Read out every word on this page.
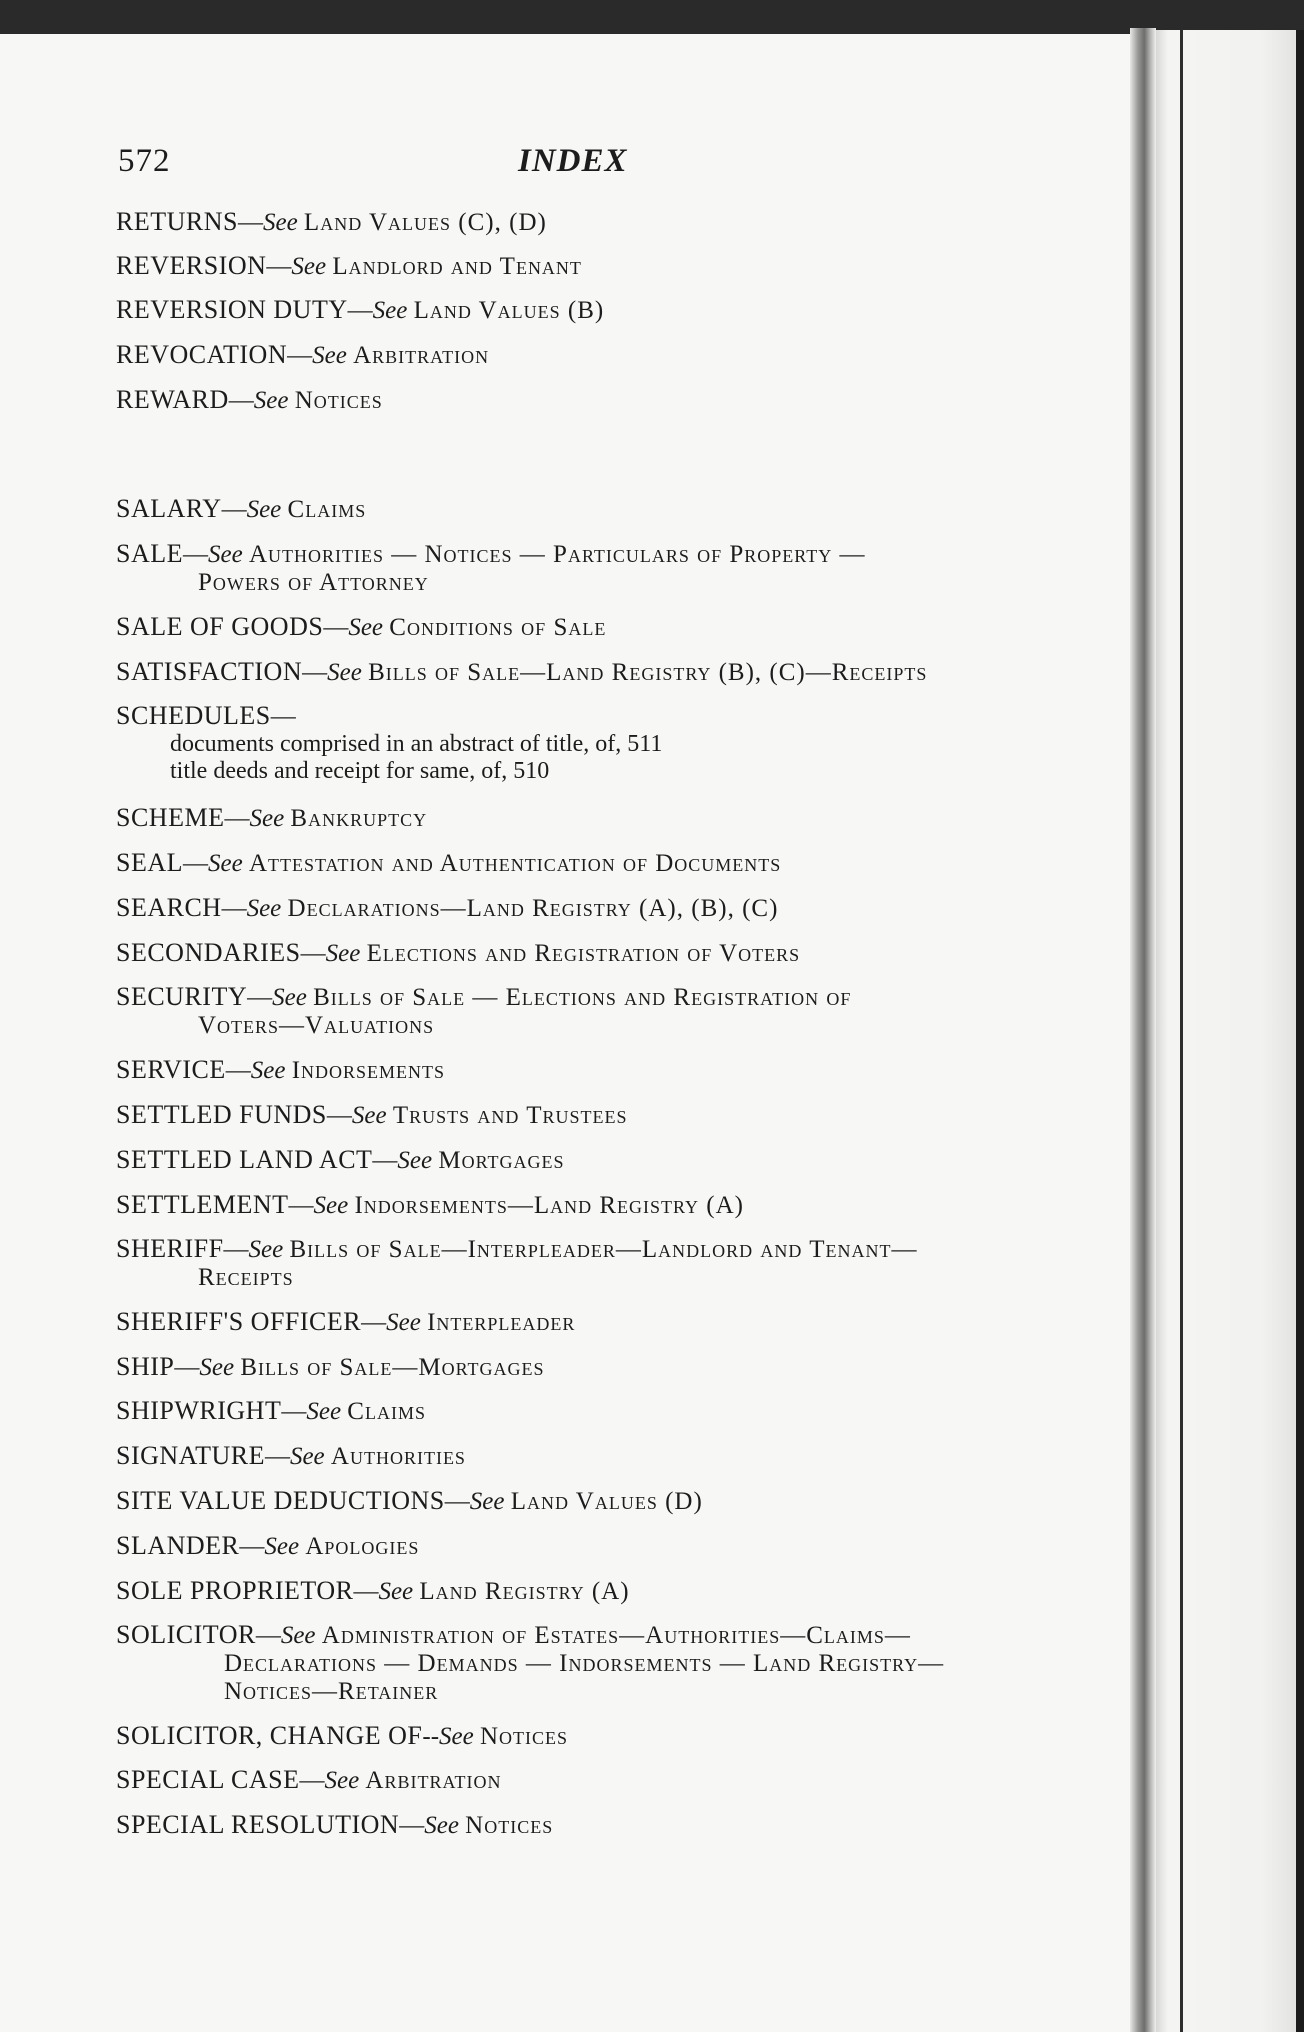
572	INDEX
RETURNS—See Land Values (C), (D)
REVERSION—See Landlord and Tenant
REVERSION DUTY—See Land Values (B)
REVOCATION—See Arbitration
REWARD—See Notices
SALARY—See Claims
SALE—See Authorities — Notices — Particulars of Property —
Powers of Attorney
SALE OF GOODS—See Conditions of Sale
SATISFACTION—See Bills of Sale—Land Registry (B), (C)—Receipts
SCHEDULES—
documents comprised in an abstract of title, of, 511
title deeds and receipt for same, of, 510
SCHEME—See Bankruptcy
SEAL—See Attestation and Authentication of Documents
SEARCH—See Declarations—Land Registry (A), (B), (C)
SECONDARIES—See Elections and Registration of Voters
SECURITY—See Bills of Sale — Elections and Registration of
Voters—Valuations
SERVICE—See Indorsements
SETTLED FUNDS—See Trusts and Trustees
SETTLED LAND ACT—See Mortgages
SETTLEMENT—See Indorsements—Land Registry (A)
SHERIFF—See Bills of Sale—Interpleader—Landlord and Tenant—
Receipts
SHERIFF'S OFFICER—See Interpleader
SHIP—See Bills of Sale—Mortgages
SHIPWRIGHT—See Claims
SIGNATURE—See Authorities
SITE VALUE DEDUCTIONS—See Land Values (D)
SLANDER—See Apologies
SOLE PROPRIETOR—See Land Registry (A)
SOLICITOR—See Administration of Estates—Authorities—Claims—
Declarations — Demands — Indorsements — Land Registry—
Notices—Retainer
SOLICITOR, CHANGE OF--See Notices
SPECIAL CASE—See Arbitration
SPECIAL RESOLUTION—See Notices
